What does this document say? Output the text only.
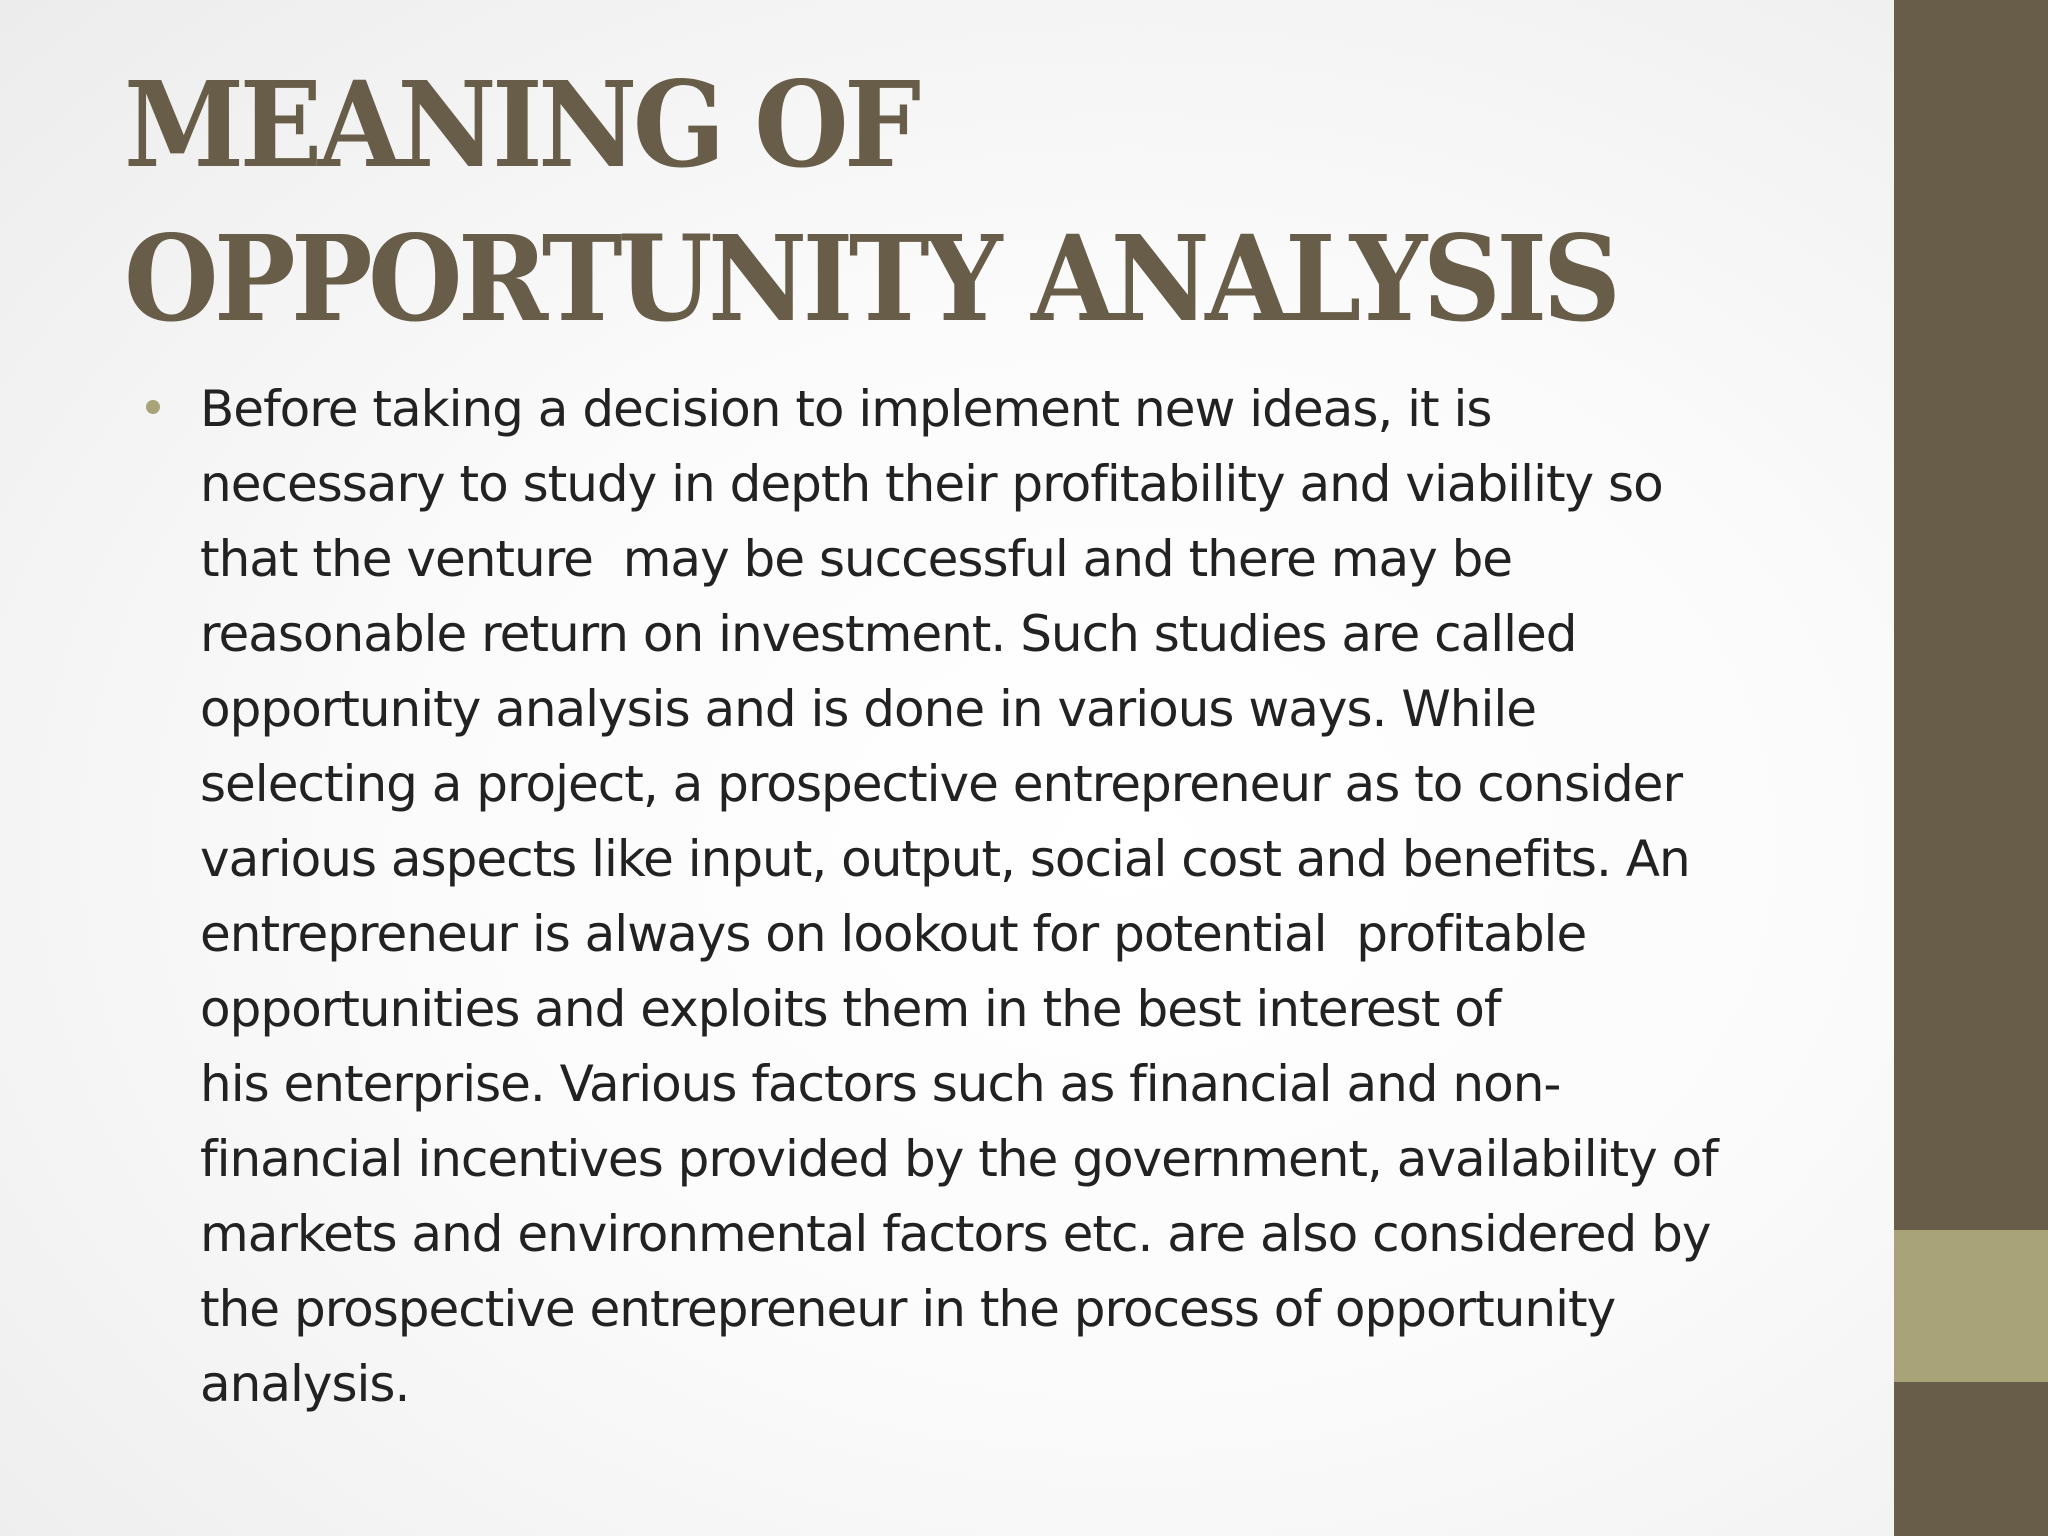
MEANING OF OPPORTUNITY ANALYSIS
Before taking a decision to implement new ideas, it is
necessary to study in depth their profitability and viability so
that the venture  may be successful and there may be
reasonable return on investment. Such studies are called
opportunity analysis and is done in various ways. While
selecting a project, a prospective entrepreneur as to consider
various aspects like input, output, social cost and benefits. An
entrepreneur is always on lookout for potential  profitable
opportunities and exploits them in the best interest of
his enterprise. Various factors such as financial and non-
financial incentives provided by the government, availability of
markets and environmental factors etc. are also considered by
the prospective entrepreneur in the process of opportunity
analysis.
